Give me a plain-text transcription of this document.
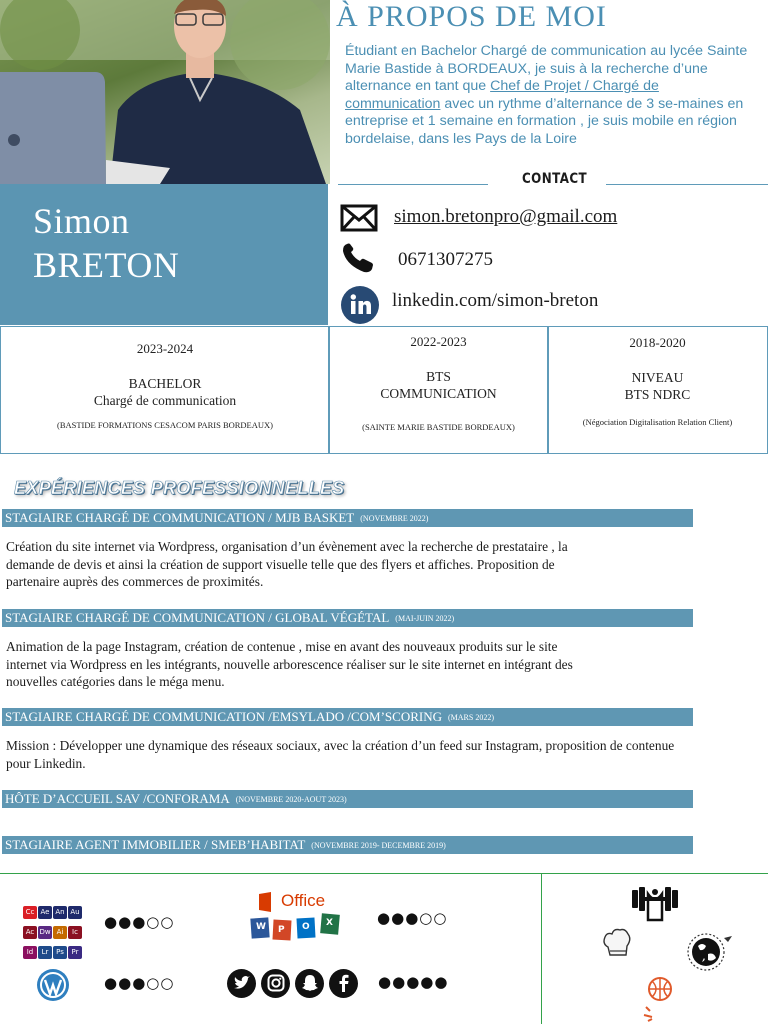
À PROPOS DE MOI
Étudiant en Bachelor Chargé de communication au lycée Sainte Marie Bastide à BORDEAUX, je suis à la recherche d’une alternance en tant que Chef de Projet / Chargé de communication avec un rythme d’alternance de 3 se-maines en entreprise et 1 semaine en formation , je suis mobile en région bordelaise, dans les Pays de la Loire
CONTACT
Simon
BRETON
simon.bretonpro@gmail.com
0671307275
linkedin.com/simon-breton
2023-2024
BACHELOR
Chargé de communication
(BASTIDE FORMATIONS CESACOM PARIS BORDEAUX)
2022-2023
BTS
COMMUNICATION
(SAINTE MARIE BASTIDE BORDEAUX)
2018-2020
NIVEAU
BTS NDRC
(Négociation Digitalisation Relation Client)
EXPÉRIENCES PROFESSIONNELLES
STAGIAIRE CHARGÉ DE COMMUNICATION / MJB BASKET (NOVEMBRE 2022)
Création du site internet via Wordpress, organisation d’un évènement avec la recherche de prestataire , la demande de devis et ainsi la création de support visuelle telle que des flyers et affiches. Proposition de partenaire auprès des commerces de proximités.
STAGIAIRE CHARGÉ DE COMMUNICATION / GLOBAL VÉGÉTAL (MAI-JUIN 2022)
Animation de la page Instagram, création de contenue , mise en avant des nouveaux produits sur le site internet via Wordpress en les intégrants, nouvelle arborescence réaliser sur le site internet en intégrant des nouvelles catégories dans le méga menu.
STAGIAIRE CHARGÉ DE COMMUNICATION /EMSYLADO /COM’SCORING (MARS 2022)
Mission : Développer une dynamique des réseaux sociaux, avec la création d’un feed sur Instagram, proposition de contenue pour Linkedin.
HÔTE D’ACCUEIL SAV /CONFORAMA (NOVEMBRE 2020-AOUT 2023)
STAGIAIRE AGENT IMMOBILIER / SMEB’HABITAT (NOVEMBRE 2019- DECEMBRE 2019)
Cc Ae An Au Ac Dw Ai Ic Id Lr Ps Pr
●●●○○
Office
W P O X	●●●○○
●●●○○	●●●●●
